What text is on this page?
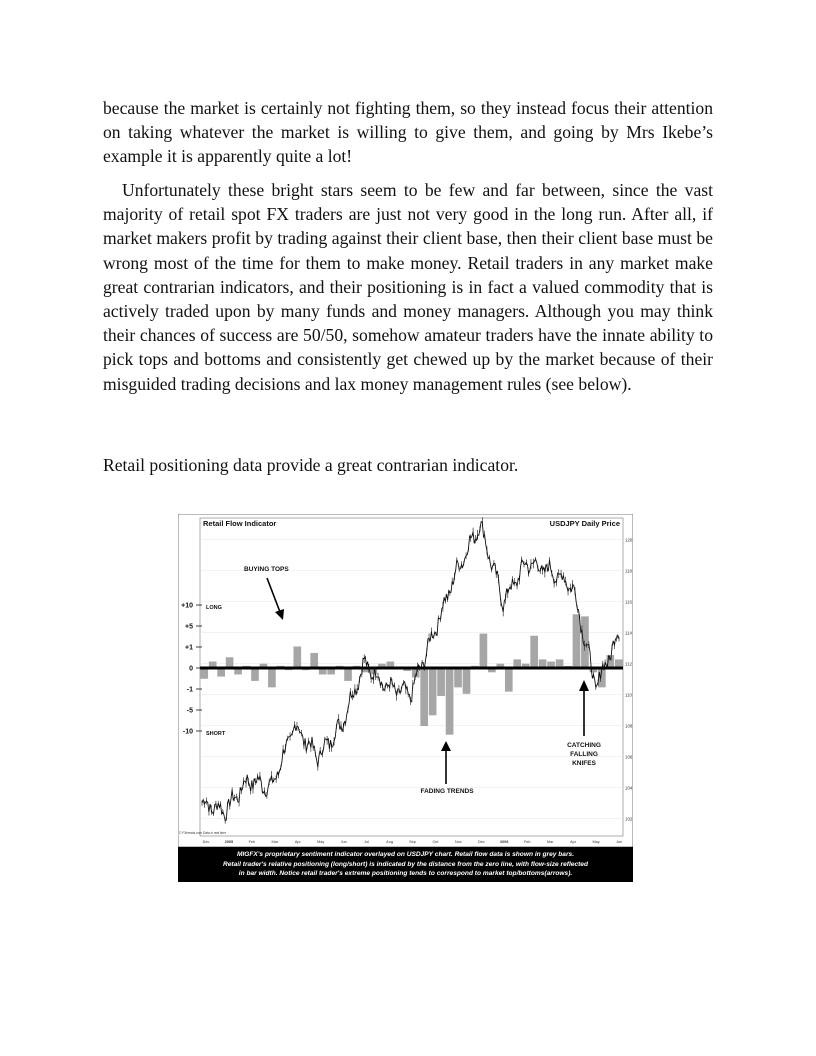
because the market is certainly not fighting them, so they instead focus their attention on taking whatever the market is willing to give them, and going by Mrs Ikebe’s example it is apparently quite a lot!

Unfortunately these bright stars seem to be few and far between, since the vast majority of retail spot FX traders are just not very good in the long run. After all, if market makers profit by trading against their client base, then their client base must be wrong most of the time for them to make money. Retail traders in any market make great contrarian indicators, and their positioning is in fact a valued commodity that is actively traded upon by many funds and money managers. Although you may think their chances of success are 50/50, somehow amateur traders have the innate ability to pick tops and bottoms and consistently get chewed up by the market because of their misguided trading decisions and lax money management rules (see below).

Retail positioning data provide a great contrarian indicator.

120
118
116
114
112
110
108
106
104
102
+10
+5
+1
0
-1
-5
-10
Dec	2005	Feb	Mar	Apr	May	Jun	Jul	Aug	Sep	Oct	Nov	Dec	2006	Feb	Mar	Apr	May	Jun
Retail Flow Indicator	USDJPY Daily Price
LONG
SHORT
BUYING TOPS
FADING TRENDS
CATCHING
FALLING
KNIFES
© FXtrends.com Data is real time
MIGFX's proprietary sentiment indicator overlayed on USDJPY chart. Retail flow data is shown in grey bars.
Retail trader's relative positioning (long/short) is indicated by the distance from the zero line, with flow-size reflected
in bar width. Notice retail trader's extreme positioning tends to correspond to market top/bottoms(arrows).
